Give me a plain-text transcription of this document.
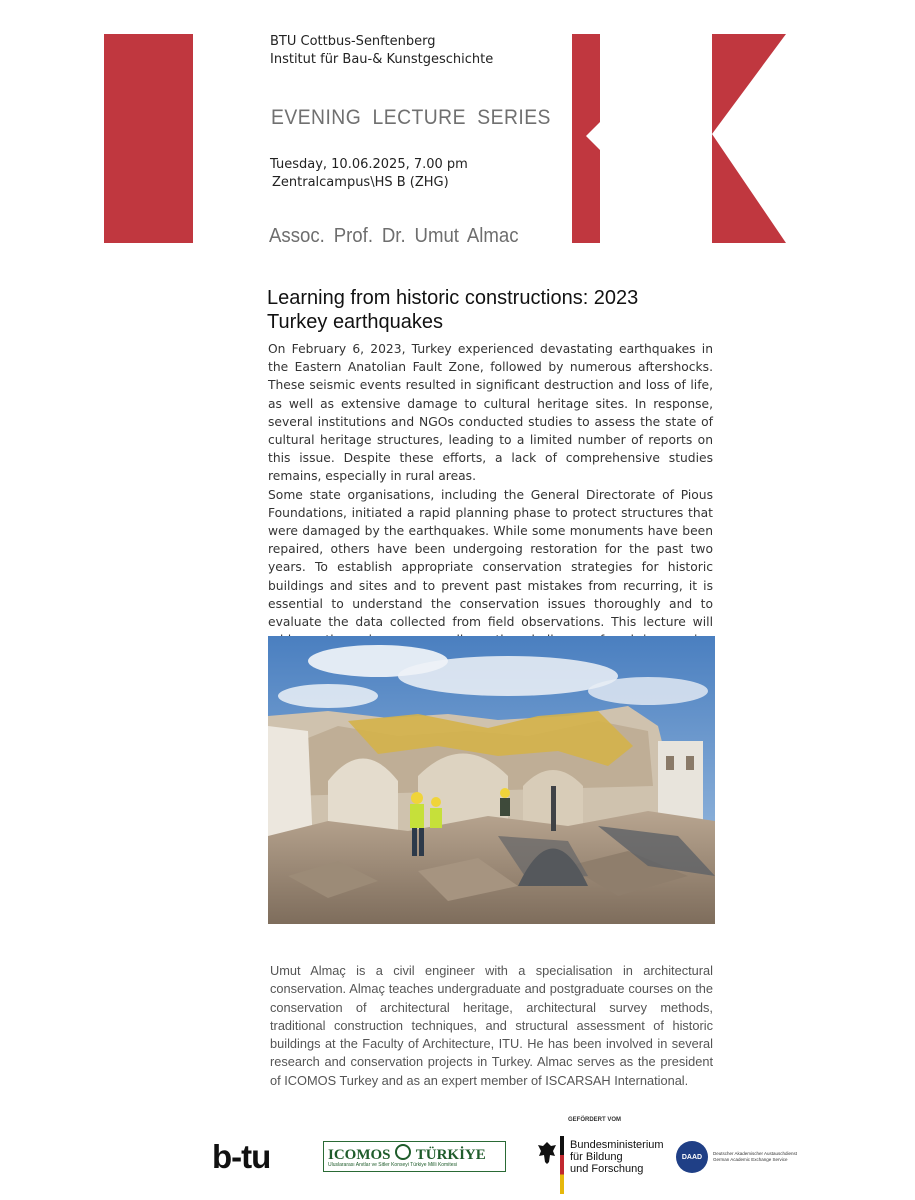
BTU Cottbus-Senftenberg
Institut für Bau-& Kunstgeschichte
EVENING LECTURE SERIES
Tuesday, 10.06.2025, 7.00 pm
Zentralcampus\HS B (ZHG)
Assoc. Prof. Dr. Umut Almac
Learning from historic constructions: 2023
Turkey earthquakes

On February 6, 2023, Turkey experienced devastating earthquakes in the Eastern Anatolian Fault Zone, followed by numerous aftershocks. These seismic events resulted in significant destruction and loss of life, as well as extensive damage to cultural heritage sites. In response, several institutions and NGOs conducted studies to assess the state of cultural heritage structures, leading to a limited number of reports on this issue. Despite these efforts, a lack of comprehensive studies remains, especially in rural areas.

Some state organisations, including the General Directorate of Pious Foundations, initiated a rapid planning phase to protect structures that were damaged by the earthquakes. While some monuments have been repaired, others have been undergoing restoration for the past two years. To establish appropriate conservation strategies for historic buildings and sites and to prevent past mistakes from recurring, it is essential to understand the conservation issues thoroughly and to evaluate the data collected from field observations. This lecture will

Umut Almaç is a civil engineer with a specialisation in architectural conservation. Almaç teaches undergraduate and postgraduate courses on the conservation of architectural heritage, architectural survey methods, traditional construction techniques, and structural assessment of historic buildings at the Faculty of Architecture, ITU. He has been involved in several research and conservation projects in Turkey. Almac serves as the president of ICOMOS Turkey and as an expert member of ISCARSAH International.
b-tu	ICOMOS TÜRKİYE
Uluslararası Anıtlar ve Sitler Konseyi Türkiye Milli Komitesi
GEFÖRDERT VOM
Bundesministerium
für Bildung
und Forschung
DAAD Deutscher Akademischer Austauschdienst
German Academic Exchange Service
